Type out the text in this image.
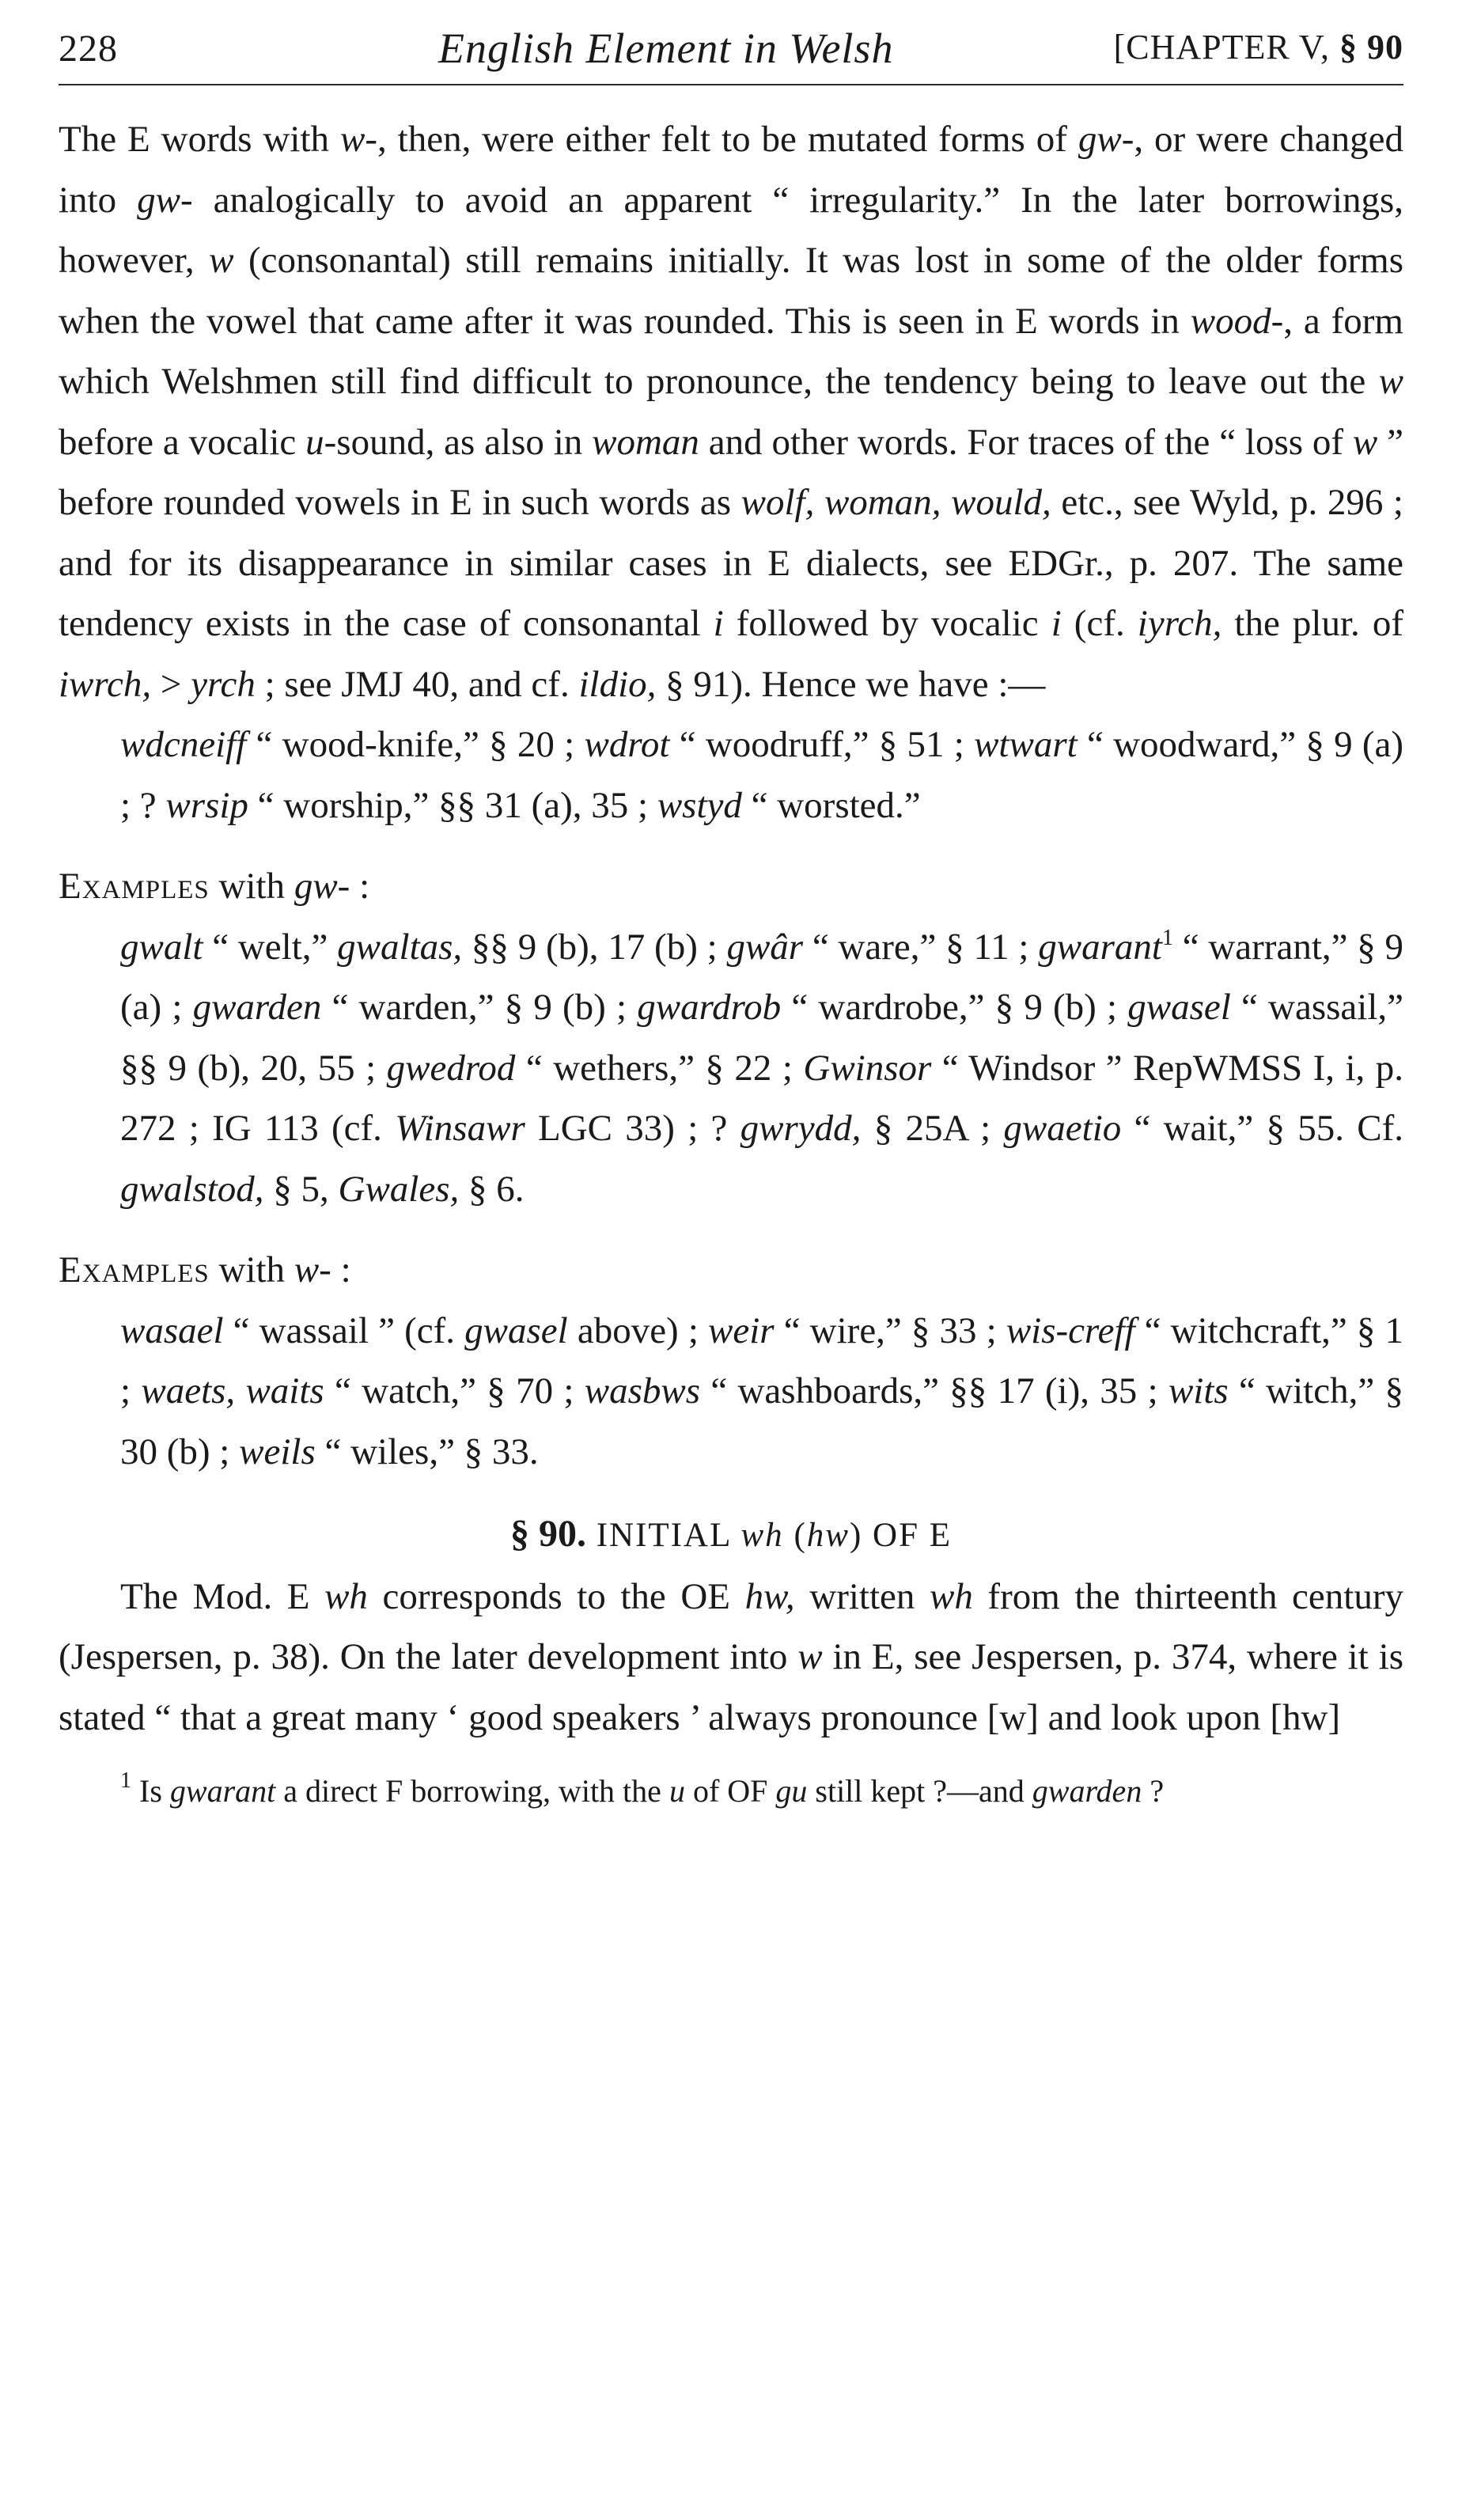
228	English Element in Welsh	[CHAPTER V, § 90

The E words with w-, then, were either felt to be mutated forms of gw-, or were changed into gw- analogically to avoid an apparent “ irregularity.” In the later borrowings, however, w (consonantal) still remains initially. It was lost in some of the older forms when the vowel that came after it was rounded. This is seen in E words in wood-, a form which Welshmen still find difficult to pronounce, the tendency being to leave out the w before a vocalic u-sound, as also in woman and other words. For traces of the “ loss of w ” before rounded vowels in E in such words as wolf, woman, would, etc., see Wyld, p. 296 ; and for its disappearance in similar cases in E dialects, see EDGr., p. 207. The same tendency exists in the case of consonantal i followed by vocalic i (cf. iyrch, the plur. of iwrch, > yrch ; see JMJ 40, and cf. ildio, § 91). Hence we have :—

wdcneiff “ wood-knife,” § 20 ; wdrot “ woodruff,” § 51 ; wtwart “ woodward,” § 9 (a) ; ? wrsip “ worship,” §§ 31 (a), 35 ; wstyd “ worsted.”

Examples with gw- :

gwalt “ welt,” gwaltas, §§ 9 (b), 17 (b) ; gwâr “ ware,” § 11 ; gwarant$^1$ “ warrant,” § 9 (a) ; gwarden “ warden,” § 9 (b) ; gwardrob “ wardrobe,” § 9 (b) ; gwasel “ wassail,” §§ 9 (b), 20, 55 ; gwedrod “ wethers,” § 22 ; Gwinsor “ Windsor ” RepWMSS I, i, p. 272 ; IG 113 (cf. Winsawr LGC 33) ; ? gwrydd, § 25A ; gwaetio “ wait,” § 55. Cf. gwalstod, § 5, Gwales, § 6.

Examples with w- :

wasael “ wassail ” (cf. gwasel above) ; weir “ wire,” § 33 ; wis-creff “ witchcraft,” § 1 ; waets, waits “ watch,” § 70 ; wasbws “ washboards,” §§ 17 (i), 35 ; wits “ witch,” § 30 (b) ; weils “ wiles,” § 33.

§ 90. INITIAL wh (hw) OF E

The Mod. E wh corresponds to the OE hw, written wh from the thirteenth century (Jespersen, p. 38). On the later development into w in E, see Jespersen, p. 374, where it is stated “ that a great many ‘ good speakers ’ always pronounce [w] and look upon [hw]

$^1$ Is gwarant a direct F borrowing, with the u of OF gu still kept ?—and gwarden ?
